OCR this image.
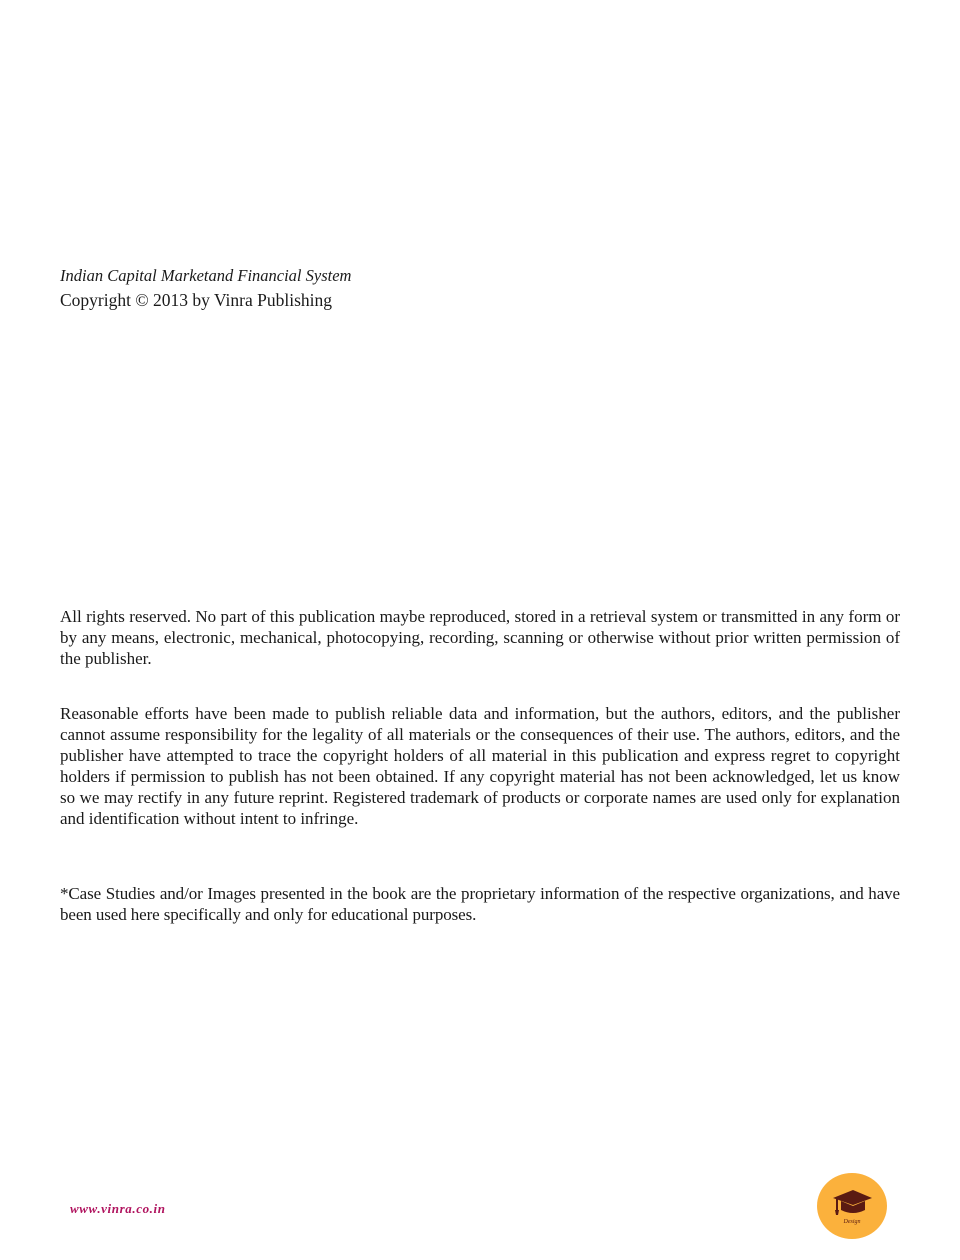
Indian Capital Marketand Financial System

Copyright © 2013 by Vinra Publishing

All rights reserved. No part of this publication maybe reproduced, stored in a retrieval system or transmitted in any form or by any means, electronic, mechanical, photocopying, recording, scanning or otherwise without prior written permission of the publisher.

Reasonable efforts have been made to publish reliable data and information, but the authors, editors, and the publisher cannot assume responsibility for the legality of all materials or the consequences of their use. The authors, editors, and the publisher have attempted to trace the copyright holders of all material in this publication and express regret to copyright holders if permission to publish has not been obtained. If any copyright material has not been acknowledged, let us know so we may rectify in any future reprint. Registered trademark of products or corporate names are used only for explanation and identification without intent to infringe.

*Case Studies and/or Images presented in the book are the proprietary information of the respective organizations, and have been used here specifically and only for educational purposes.

www.vinra.co.in
Design
